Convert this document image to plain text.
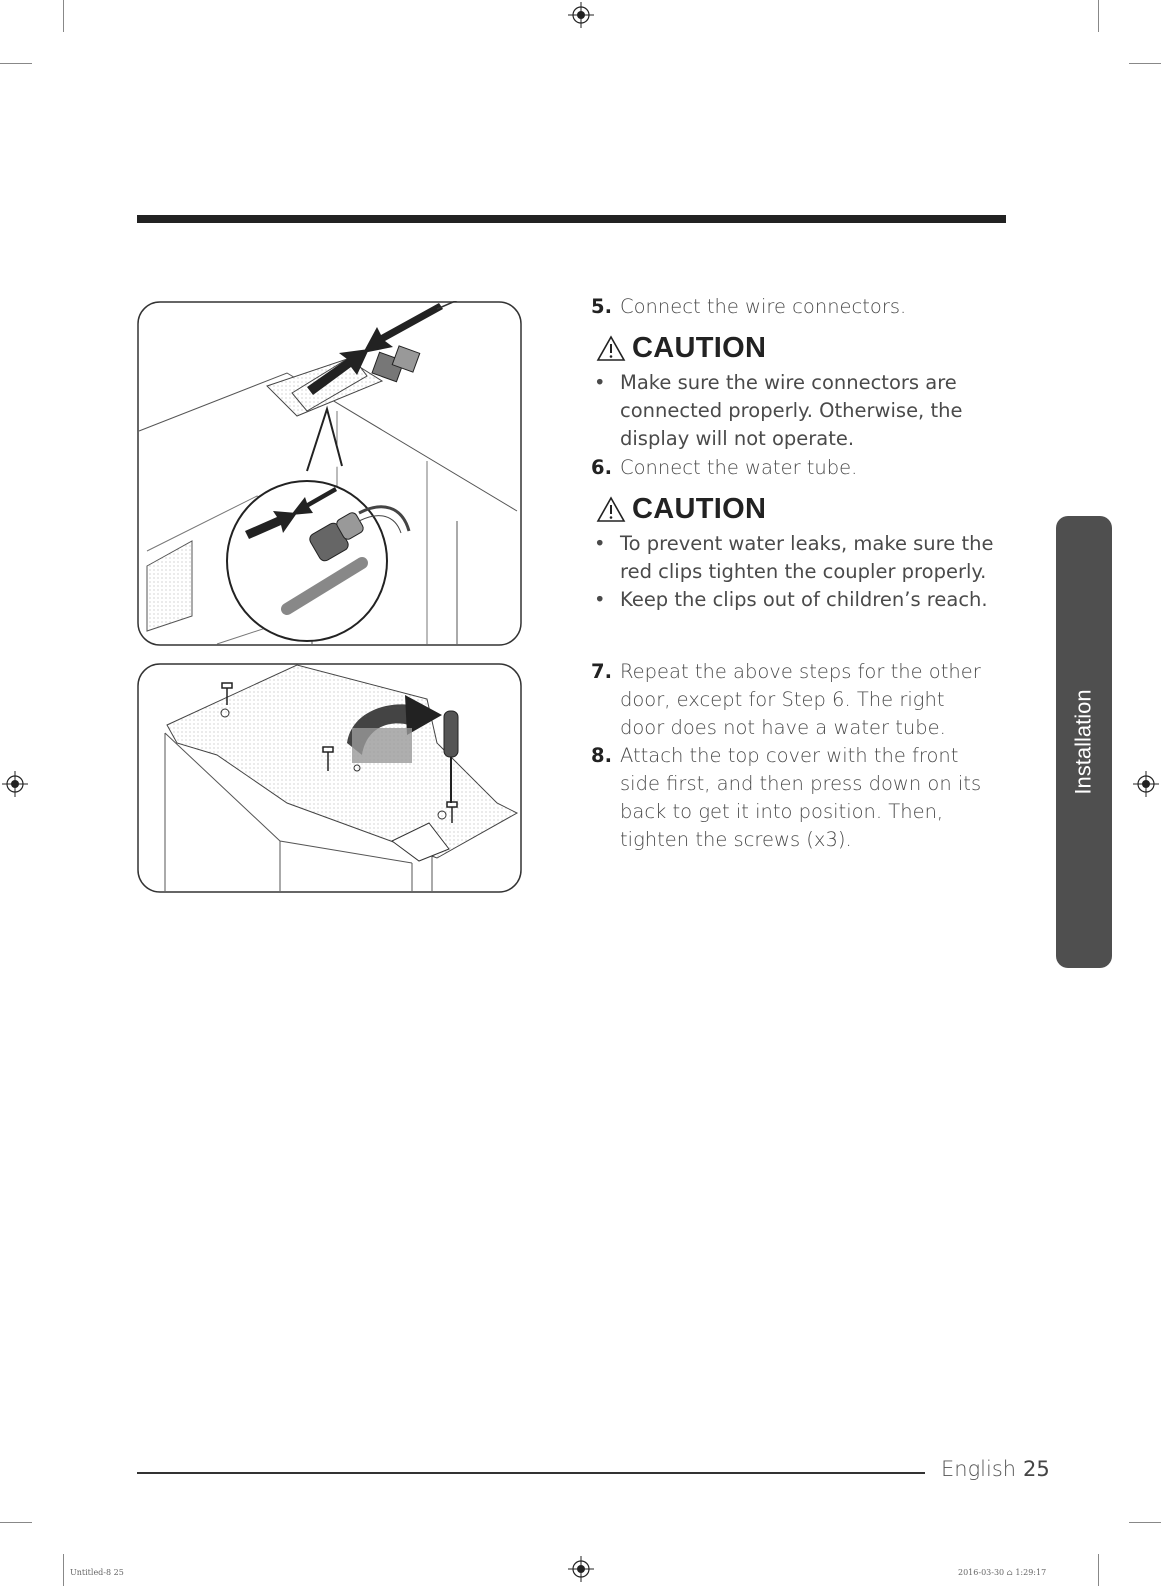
5. Connect the wire connectors.
CAUTION
• Make sure the wire connectors are connected properly. Otherwise, the display will not operate.
6. Connect the water tube.
CAUTION
• To prevent water leaks, make sure the red clips tighten the coupler properly.
• Keep the clips out of children’s reach.
7. Repeat the above steps for the other door, except for Step 6. The right door does not have a water tube.
8. Attach the top cover with the front side first, and then press down on its back to get it into position. Then, tighten the screws (x3).
Installation
English 25
Untitled-8 25	2016-03-30 ⌂ 1:29:17
